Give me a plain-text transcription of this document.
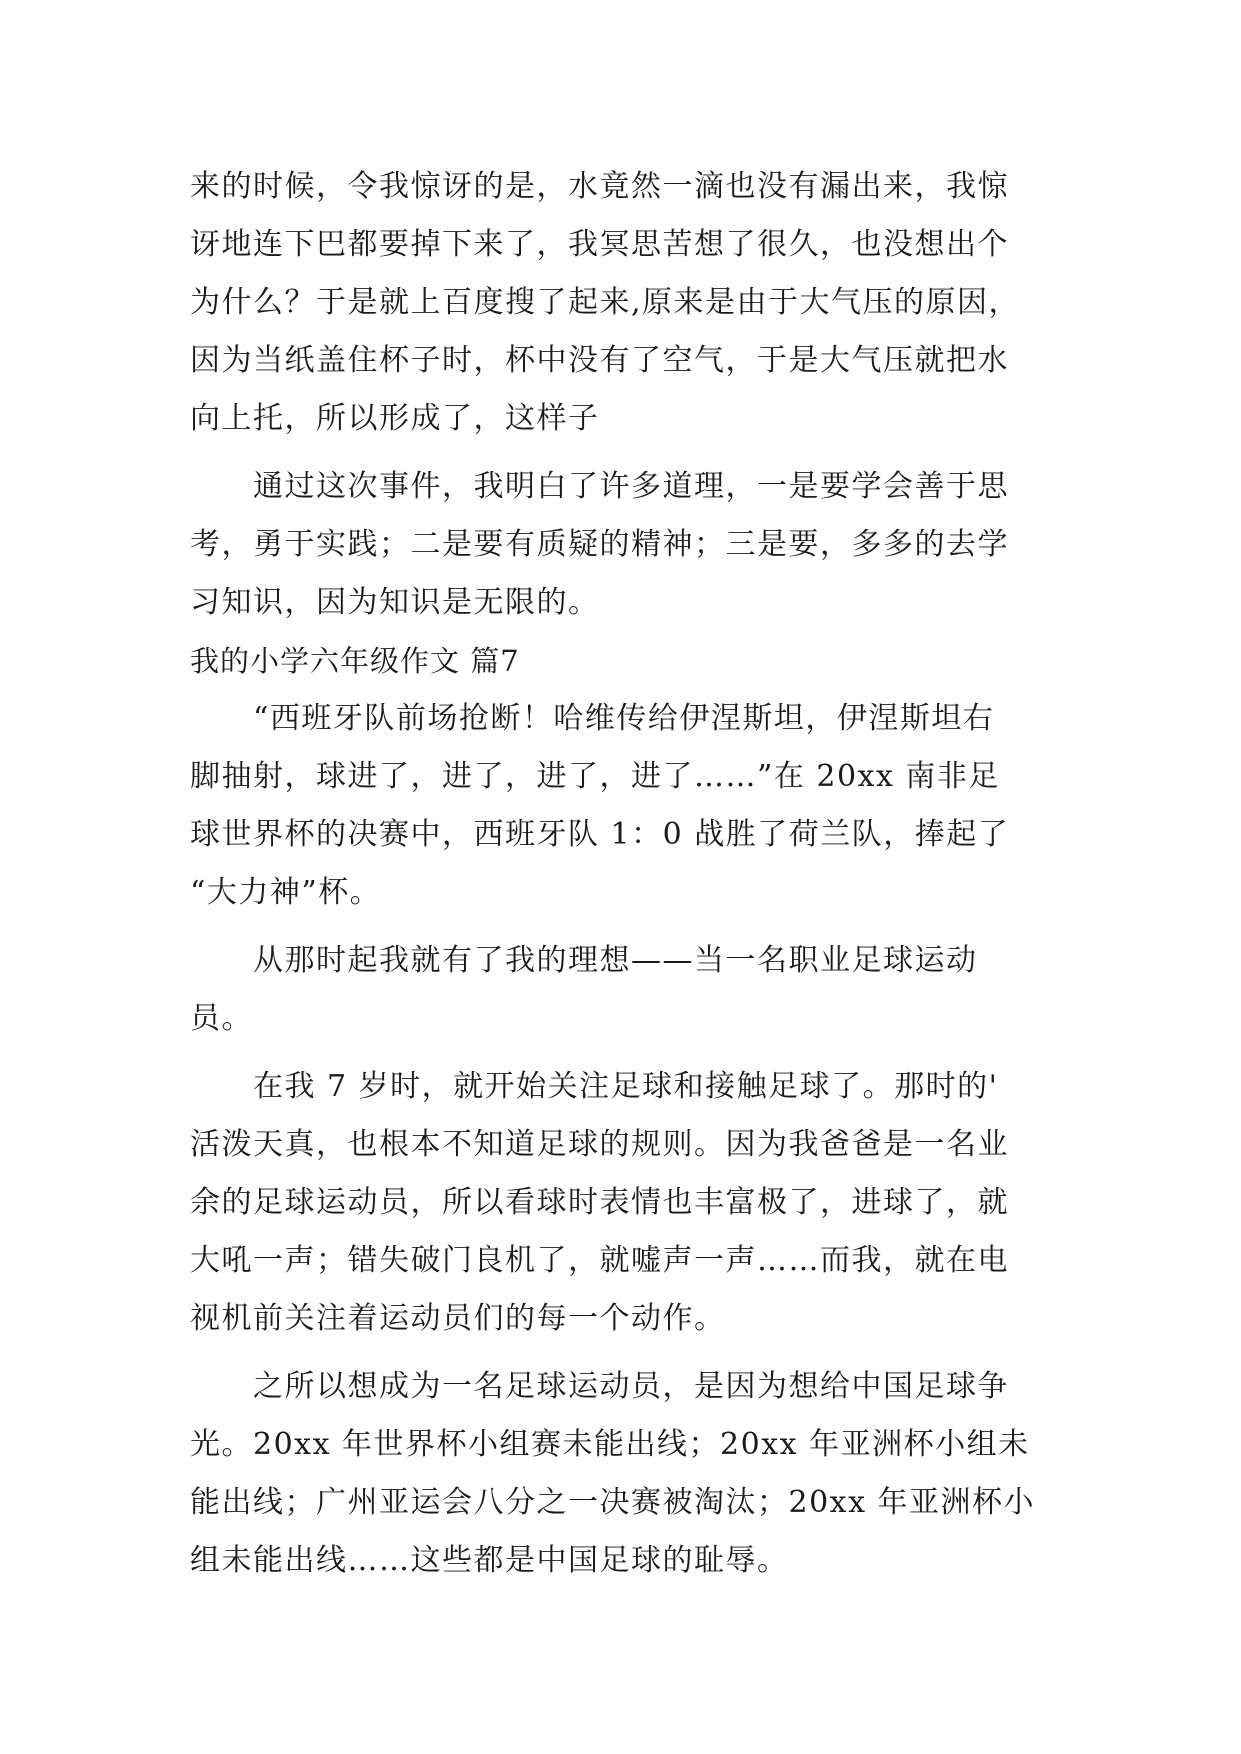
来的时候，令我惊讶的是，水竟然一滴也没有漏出来，我惊
讶地连下巴都要掉下来了，我冥思苦想了很久，也没想出个
为什么？于是就上百度搜了起来,原来是由于大气压的原因，
因为当纸盖住杯子时，杯中没有了空气，于是大气压就把水
向上托，所以形成了，这样子
　　通过这次事件，我明白了许多道理，一是要学会善于思
考，勇于实践；二是要有质疑的精神；三是要，多多的去学
习知识，因为知识是无限的。
我的小学六年级作文 篇7
　　“西班牙队前场抢断！哈维传给伊涅斯坦，伊涅斯坦右
脚抽射，球进了，进了，进了，进了……”在 20xx 南非足
球世界杯的决赛中，西班牙队 1：0 战胜了荷兰队，捧起了
“大力神”杯。
　　从那时起我就有了我的理想——当一名职业足球运动
员。
　　在我 7 岁时，就开始关注足球和接触足球了。那时的'
活泼天真，也根本不知道足球的规则。因为我爸爸是一名业
余的足球运动员，所以看球时表情也丰富极了，进球了，就
大吼一声；错失破门良机了，就嘘声一声……而我，就在电
视机前关注着运动员们的每一个动作。
　　之所以想成为一名足球运动员，是因为想给中国足球争
光。20xx 年世界杯小组赛未能出线；20xx 年亚洲杯小组未
能出线；广州亚运会八分之一决赛被淘汰；20xx 年亚洲杯小
组未能出线……这些都是中国足球的耻辱。
